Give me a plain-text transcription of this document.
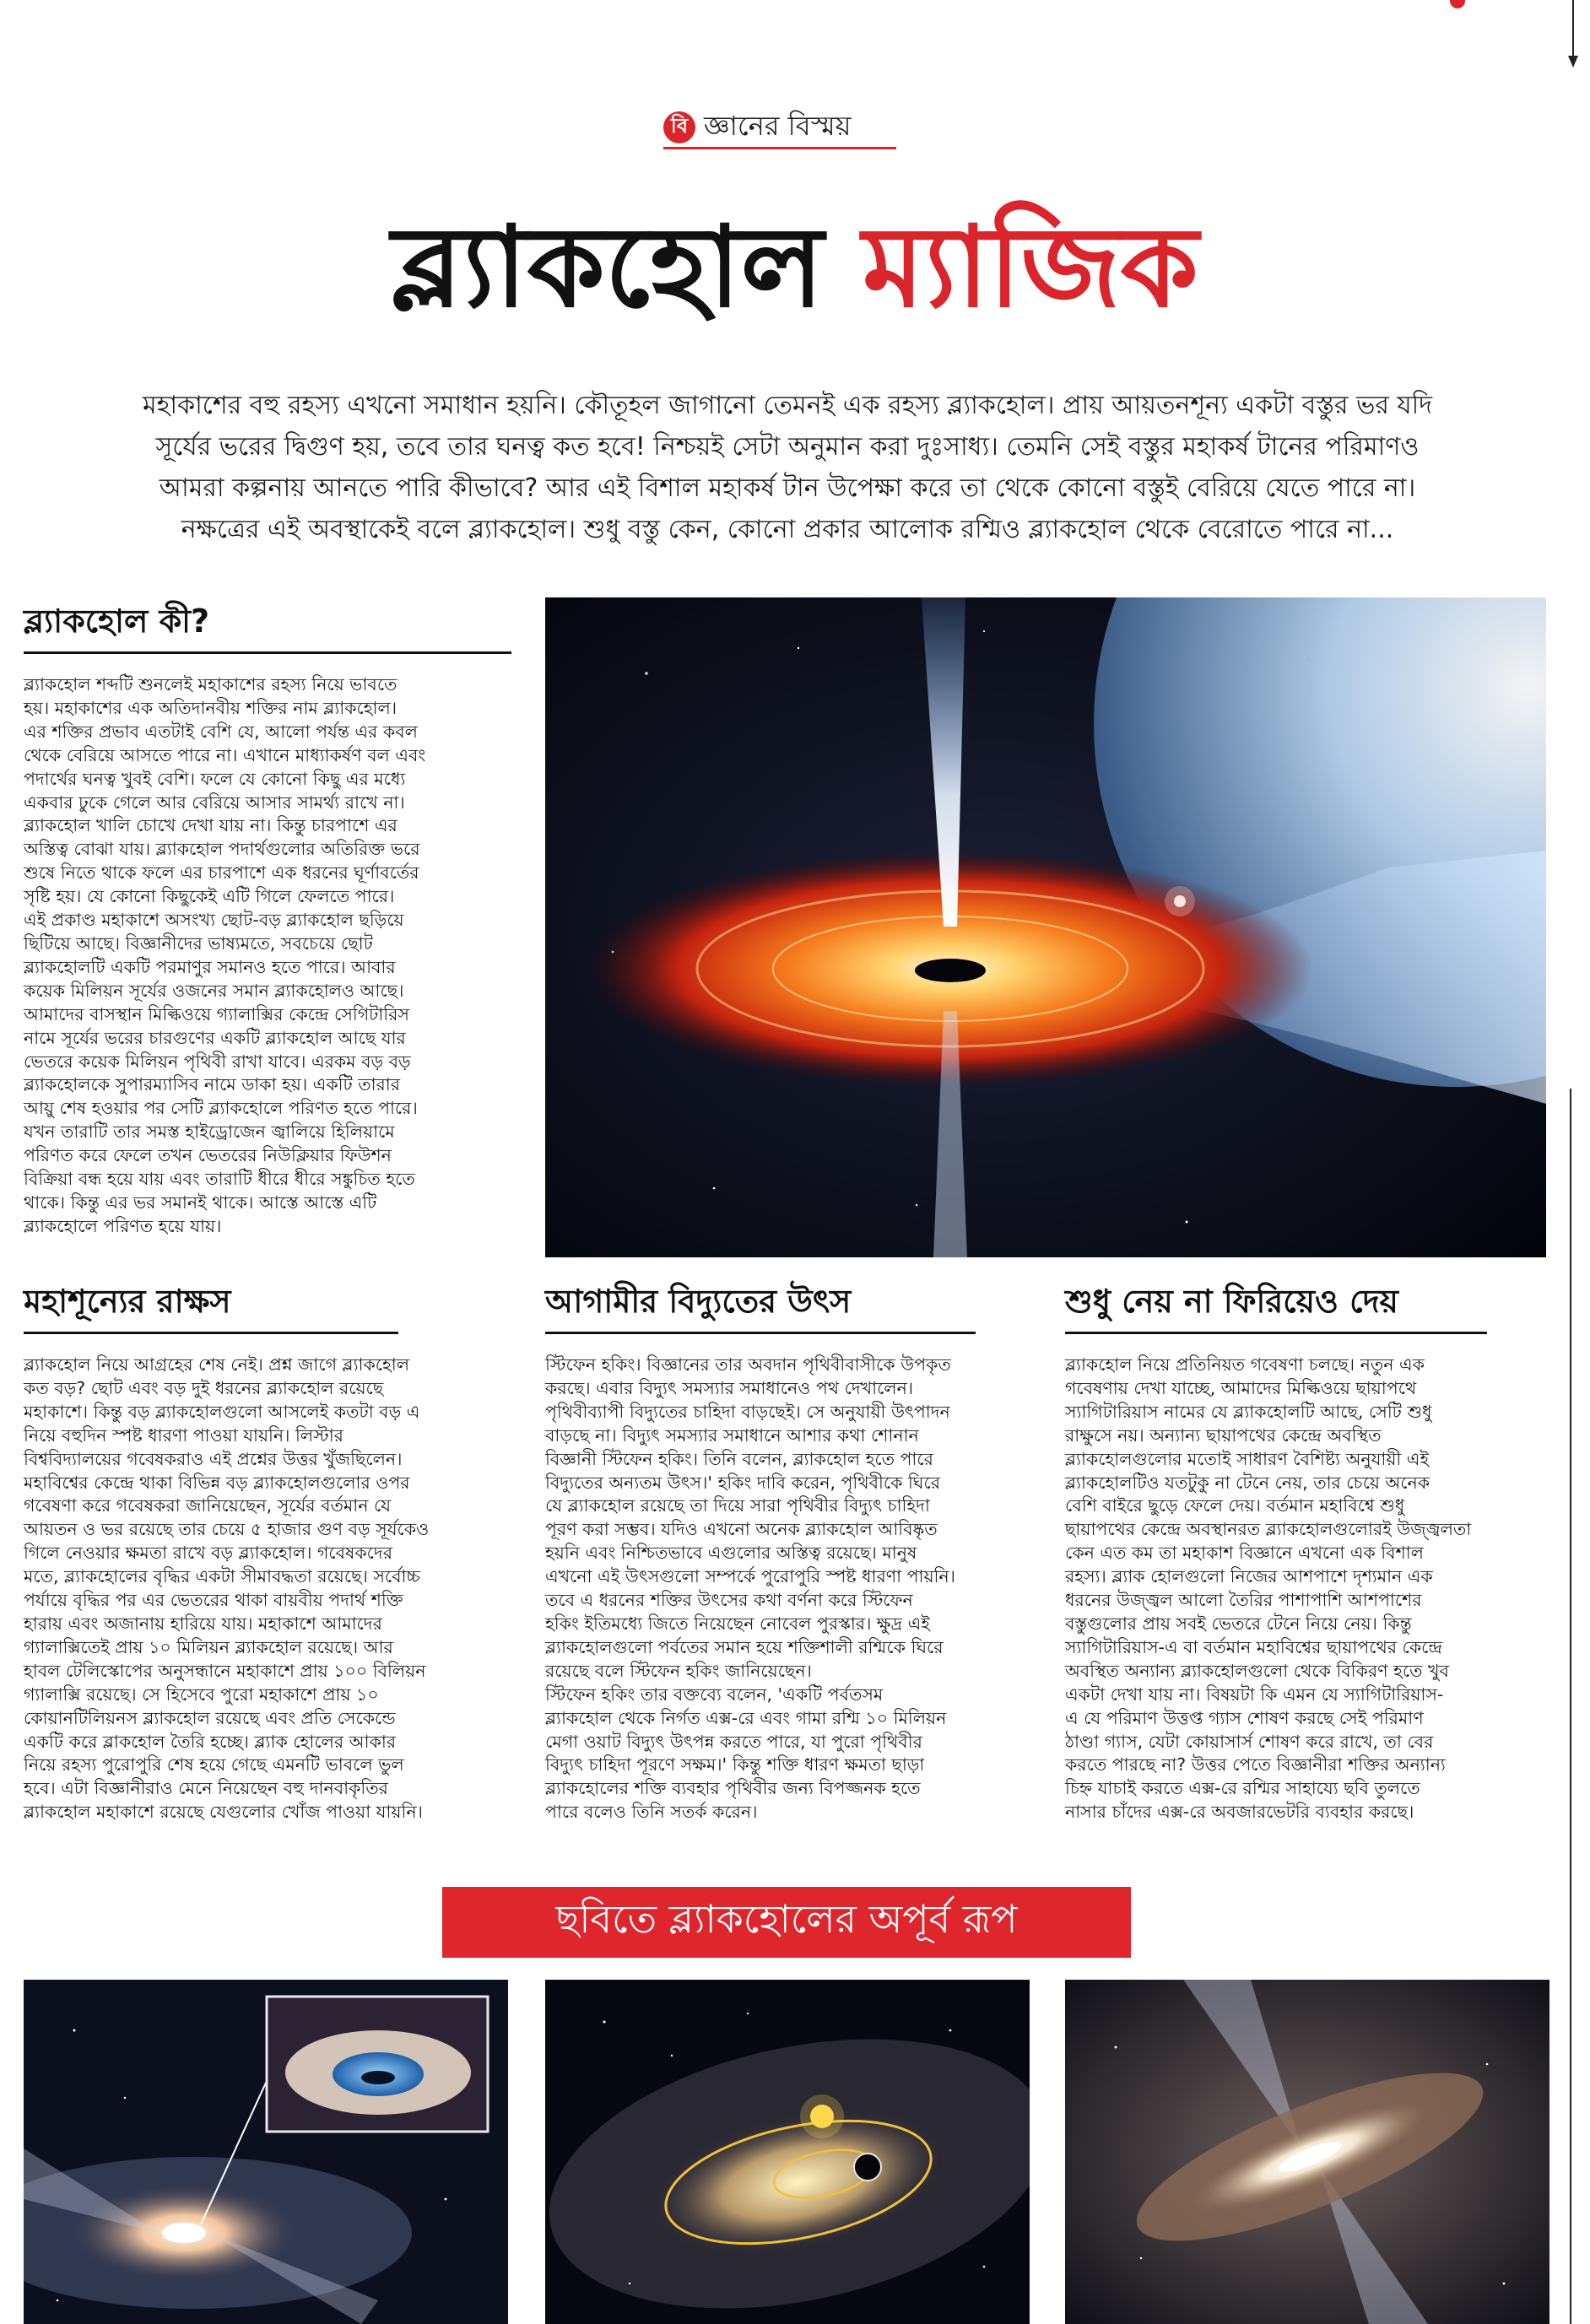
বি জ্ঞানের বিস্ময়
ব্ল্যাকহোল ম্যাজিক
মহাকাশের বহু রহস্য এখনো সমাধান হয়নি। কৌতূহল জাগানো তেমনই এক রহস্য ব্ল্যাকহোল। প্রায় আয়তনশূন্য একটা বস্তুর ভর যদি
সূর্যের ভরের দ্বিগুণ হয়, তবে তার ঘনত্ব কত হবে! নিশ্চয়ই সেটা অনুমান করা দুঃসাধ্য। তেমনি সেই বস্তুর মহাকর্ষ টানের পরিমাণও
আমরা কল্পনায় আনতে পারি কীভাবে? আর এই বিশাল মহাকর্ষ টান উপেক্ষা করে তা থেকে কোনো বস্তুই বেরিয়ে যেতে পারে না।
নক্ষত্রের এই অবস্থাকেই বলে ব্ল্যাকহোল। শুধু বস্তু কেন, কোনো প্রকার আলোক রশ্মিও ব্ল্যাকহোল থেকে বেরোতে পারে না...
ব্ল্যাকহোল কী?
ব্ল্যাকহোল শব্দটি শুনলেই মহাকাশের রহস্য নিয়ে ভাবতে
হয়। মহাকাশের এক অতিদানবীয় শক্তির নাম ব্ল্যাকহোল।
এর শক্তির প্রভাব এতটাই বেশি যে, আলো পর্যন্ত এর কবল
থেকে বেরিয়ে আসতে পারে না। এখানে মাধ্যাকর্ষণ বল এবং
পদার্থের ঘনত্ব খুবই বেশি। ফলে যে কোনো কিছু এর মধ্যে
একবার ঢুকে গেলে আর বেরিয়ে আসার সামর্থ্য রাখে না।
ব্ল্যাকহোল খালি চোখে দেখা যায় না। কিন্তু চারপাশে এর
অস্তিত্ব বোঝা যায়। ব্ল্যাকহোল পদার্থগুলোর অতিরিক্ত ভরে
শুষে নিতে থাকে ফলে এর চারপাশে এক ধরনের ঘূর্ণাবর্তের
সৃষ্টি হয়। যে কোনো কিছুকেই এটি গিলে ফেলতে পারে।
এই প্রকাণ্ড মহাকাশে অসংখ্য ছোট-বড় ব্ল্যাকহোল ছড়িয়ে
ছিটিয়ে আছে। বিজ্ঞানীদের ভাষ্যমতে, সবচেয়ে ছোট
ব্ল্যাকহোলটি একটি পরমাণুর সমানও হতে পারে। আবার
কয়েক মিলিয়ন সূর্যের ওজনের সমান ব্ল্যাকহোলও আছে।
আমাদের বাসস্থান মিল্কিওয়ে গ্যালাক্সির কেন্দ্রে সেগিটারিস
নামে সূর্যের ভরের চারগুণের একটি ব্ল্যাকহোল আছে যার
ভেতরে কয়েক মিলিয়ন পৃথিবী রাখা যাবে। এরকম বড় বড়
ব্ল্যাকহোলকে সুপারম্যাসিব নামে ডাকা হয়। একটি তারার
আয়ু শেষ হওয়ার পর সেটি ব্ল্যাকহোলে পরিণত হতে পারে।
যখন তারাটি তার সমস্ত হাইড্রোজেন জ্বালিয়ে হিলিয়ামে
পরিণত করে ফেলে তখন ভেতরের নিউক্লিয়ার ফিউশন
বিক্রিয়া বন্ধ হয়ে যায় এবং তারাটি ধীরে ধীরে সঙ্কুচিত হতে
থাকে। কিন্তু এর ভর সমানই থাকে। আস্তে আস্তে এটি
ব্ল্যাকহোলে পরিণত হয়ে যায়।
মহাশূন্যের রাক্ষস
ব্ল্যাকহোল নিয়ে আগ্রহের শেষ নেই। প্রশ্ন জাগে ব্ল্যাকহোল
কত বড়? ছোট এবং বড় দুই ধরনের ব্ল্যাকহোল রয়েছে
মহাকাশে। কিন্তু বড় ব্ল্যাকহোলগুলো আসলেই কতটা বড় এ
নিয়ে বহুদিন স্পষ্ট ধারণা পাওয়া যায়নি। লিস্টার
বিশ্ববিদ্যালয়ের গবেষকরাও এই প্রশ্নের উত্তর খুঁজছিলেন।
মহাবিশ্বের কেন্দ্রে থাকা বিভিন্ন বড় ব্ল্যাকহোলগুলোর ওপর
গবেষণা করে গবেষকরা জানিয়েছেন, সূর্যের বর্তমান যে
আয়তন ও ভর রয়েছে তার চেয়ে ৫ হাজার গুণ বড় সূর্যকেও
গিলে নেওয়ার ক্ষমতা রাখে বড় ব্ল্যাকহোল। গবেষকদের
মতে, ব্ল্যাকহোলের বৃদ্ধির একটা সীমাবদ্ধতা রয়েছে। সর্বোচ্চ
পর্যায়ে বৃদ্ধির পর এর ভেতরের থাকা বায়বীয় পদার্থ শক্তি
হারায় এবং অজানায় হারিয়ে যায়। মহাকাশে আমাদের
গ্যালাক্সিতেই প্রায় ১০ মিলিয়ন ব্ল্যাকহোল রয়েছে। আর
হাবল টেলিস্কোপের অনুসন্ধানে মহাকাশে প্রায় ১০০ বিলিয়ন
গ্যালাক্সি রয়েছে। সে হিসেবে পুরো মহাকাশে প্রায় ১০
কোয়ানটিলিয়নস ব্ল্যাকহোল রয়েছে এবং প্রতি সেকেন্ডে
একটি করে ব্লাকহোল তৈরি হচ্ছে। ব্ল্যাক হোলের আকার
নিয়ে রহস্য পুরোপুরি শেষ হয়ে গেছে এমনটি ভাবলে ভুল
হবে। এটা বিজ্ঞানীরাও মেনে নিয়েছেন বহু দানবাকৃতির
ব্ল্যাকহোল মহাকাশে রয়েছে যেগুলোর খোঁজ পাওয়া যায়নি।
আগামীর বিদ্যুতের উৎস
স্টিফেন হকিং। বিজ্ঞানের তার অবদান পৃথিবীবাসীকে উপকৃত
করছে। এবার বিদ্যুৎ সমস্যার সমাধানেও পথ দেখালেন।
পৃথিবীব্যাপী বিদ্যুতের চাহিদা বাড়ছেই। সে অনুযায়ী উৎপাদন
বাড়ছে না। বিদ্যুৎ সমস্যার সমাধানে আশার কথা শোনান
বিজ্ঞানী স্টিফেন হকিং। তিনি বলেন, ব্ল্যাকহোল হতে পারে
বিদ্যুতের অন্যতম উৎস।' হকিং দাবি করেন, পৃথিবীকে ঘিরে
যে ব্ল্যাকহোল রয়েছে তা দিয়ে সারা পৃথিবীর বিদ্যুৎ চাহিদা
পূরণ করা সম্ভব। যদিও এখনো অনেক ব্ল্যাকহোল আবিষ্কৃত
হয়নি এবং নিশ্চিতভাবে এগুলোর অস্তিত্ব রয়েছে। মানুষ
এখনো এই উৎসগুলো সম্পর্কে পুরোপুরি স্পষ্ট ধারণা পায়নি।
তবে এ ধরনের শক্তির উৎসের কথা বর্ণনা করে স্টিফেন
হকিং ইতিমধ্যে জিতে নিয়েছেন নোবেল পুরস্কার। ক্ষুদ্র এই
ব্ল্যাকহোলগুলো পর্বতের সমান হয়ে শক্তিশালী রশ্মিকে ঘিরে
রয়েছে বলে স্টিফেন হকিং জানিয়েছেন।
স্টিফেন হকিং তার বক্তব্যে বলেন, 'একটি পর্বতসম
ব্ল্যাকহোল থেকে নির্গত এক্স-রে এবং গামা রশ্মি ১০ মিলিয়ন
মেগা ওয়াট বিদ্যুৎ উৎপন্ন করতে পারে, যা পুরো পৃথিবীর
বিদ্যুৎ চাহিদা পূরণে সক্ষম।' কিন্তু শক্তি ধারণ ক্ষমতা ছাড়া
ব্ল্যাকহোলের শক্তি ব্যবহার পৃথিবীর জন্য বিপজ্জনক হতে
পারে বলেও তিনি সতর্ক করেন।
শুধু নেয় না ফিরিয়েও দেয়
ব্ল্যাকহোল নিয়ে প্রতিনিয়ত গবেষণা চলছে। নতুন এক
গবেষণায় দেখা যাচ্ছে, আমাদের মিল্কিওয়ে ছায়াপথে
স্যাগিটারিয়াস নামের যে ব্ল্যাকহোলটি আছে, সেটি শুধু
রাক্ষুসে নয়। অন্যান্য ছায়াপথের কেন্দ্রে অবস্থিত
ব্ল্যাকহোলগুলোর মতোই সাধারণ বৈশিষ্ট্য অনুযায়ী এই
ব্ল্যাকহোলটিও যতটুকু না টেনে নেয়, তার চেয়ে অনেক
বেশি বাইরে ছুড়ে ফেলে দেয়। বর্তমান মহাবিশ্বে শুধু
ছায়াপথের কেন্দ্রে অবস্থানরত ব্ল্যাকহোলগুলোরই উজ্জ্বলতা
কেন এত কম তা মহাকাশ বিজ্ঞানে এখনো এক বিশাল
রহস্য। ব্ল্যাক হোলগুলো নিজের আশপাশে দৃশ্যমান এক
ধরনের উজ্জ্বল আলো তৈরির পাশাপাশি আশপাশের
বস্তুগুলোর প্রায় সবই ভেতরে টেনে নিয়ে নেয়। কিন্তু
স্যাগিটারিয়াস-এ বা বর্তমান মহাবিশ্বের ছায়াপথের কেন্দ্রে
অবস্থিত অন্যান্য ব্ল্যাকহোলগুলো থেকে বিকিরণ হতে খুব
একটা দেখা যায় না। বিষয়টা কি এমন যে স্যাগিটারিয়াস-
এ যে পরিমাণ উত্তপ্ত গ্যাস শোষণ করছে সেই পরিমাণ
ঠাণ্ডা গ্যাস, যেটা কোয়াসার্স শোষণ করে রাখে, তা বের
করতে পারছে না? উত্তর পেতে বিজ্ঞানীরা শক্তির অন্যান্য
চিহ্ন যাচাই করতে এক্স-রে রশ্মির সাহায্যে ছবি তুলতে
নাসার চাঁদের এক্স-রে অবজারভেটরি ব্যবহার করছে।
ছবিতে ব্ল্যাকহোলের অপূর্ব রূপ
